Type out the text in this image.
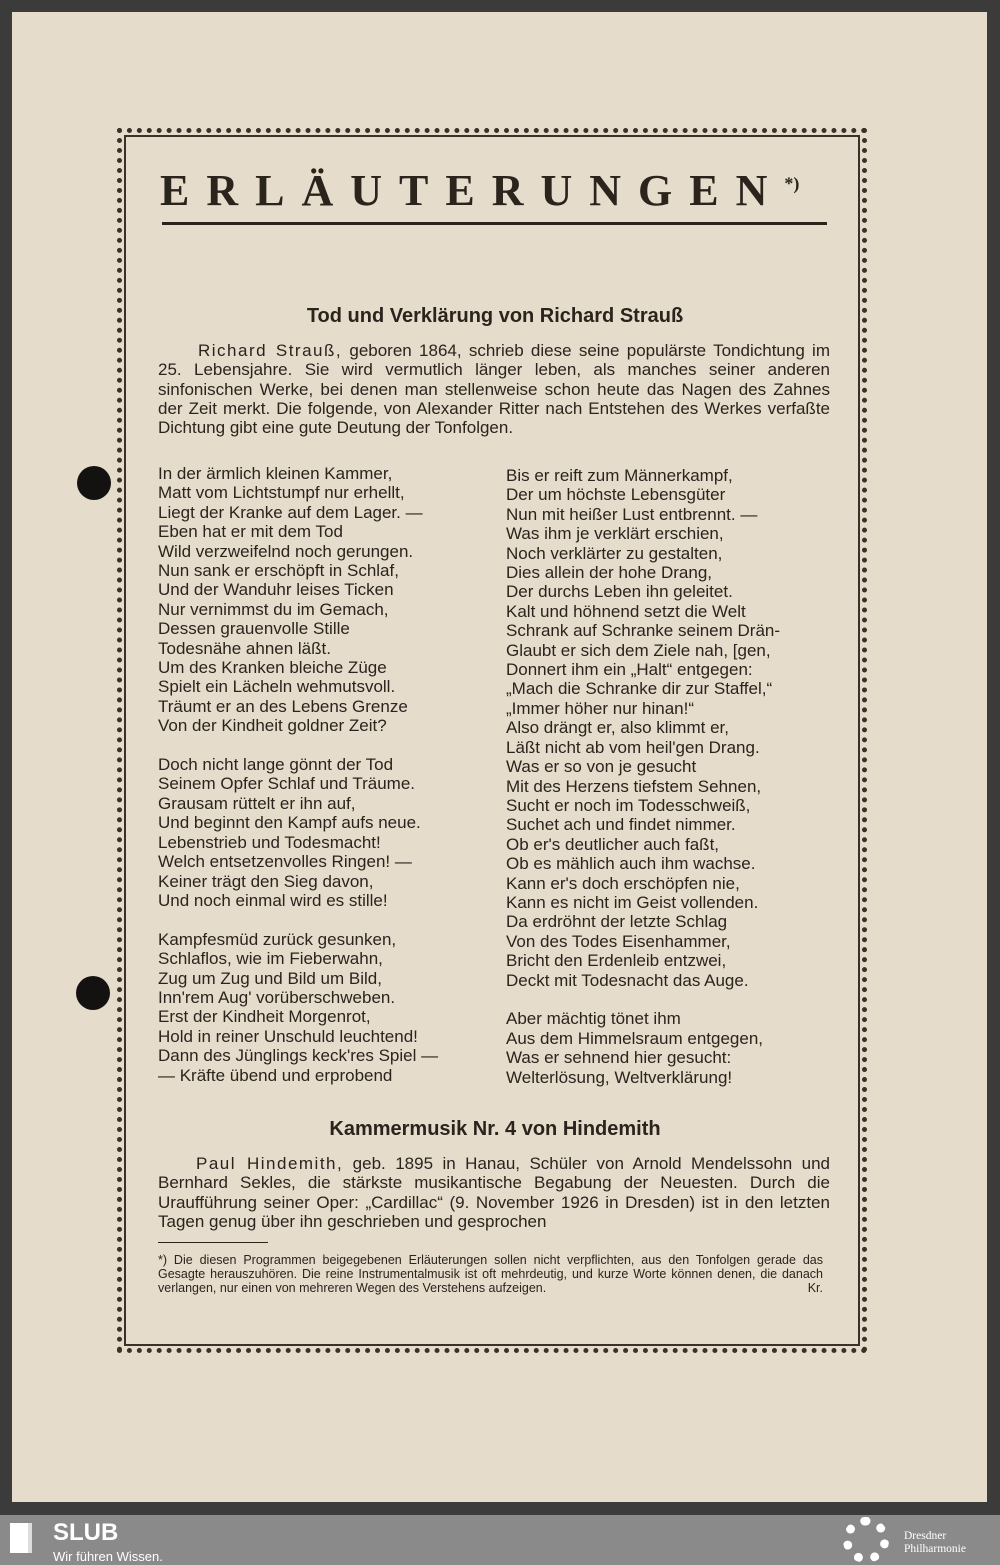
ERLÄUTERUNGEN*)
Tod und Verklärung von Richard Strauß

Richard Strauß, geboren 1864, schrieb diese seine populärste Tondichtung im 25. Lebensjahre. Sie wird vermutlich länger leben, als manches seiner anderen sinfonischen Werke, bei denen man stellenweise schon heute das Nagen des Zahnes der Zeit merkt. Die folgende, von Alexander Ritter nach Entstehen des Werkes verfaßte Dichtung gibt eine gute Deutung der Tonfolgen.

In der ärmlich kleinen Kammer,
Matt vom Lichtstumpf nur erhellt,
Liegt der Kranke auf dem Lager. —
Eben hat er mit dem Tod
Wild verzweifelnd noch gerungen.
Nun sank er erschöpft in Schlaf,
Und der Wanduhr leises Ticken
Nur vernimmst du im Gemach,
Dessen grauenvolle Stille
Todesnähe ahnen läßt.
Um des Kranken bleiche Züge
Spielt ein Lächeln wehmutsvoll.
Träumt er an des Lebens Grenze
Von der Kindheit goldner Zeit?
Doch nicht lange gönnt der Tod
Seinem Opfer Schlaf und Träume.
Grausam rüttelt er ihn auf,
Und beginnt den Kampf aufs neue.
Lebenstrieb und Todesmacht!
Welch entsetzenvolles Ringen! —
Keiner trägt den Sieg davon,
Und noch einmal wird es stille!
Kampfesmüd zurück gesunken,
Schlaflos, wie im Fieberwahn,
Zug um Zug und Bild um Bild,
Inn'rem Aug' vorüberschweben.
Erst der Kindheit Morgenrot,
Hold in reiner Unschuld leuchtend!
Dann des Jünglings keck'res Spiel —
— Kräfte übend und erprobend
Bis er reift zum Männerkampf,
Der um höchste Lebensgüter
Nun mit heißer Lust entbrennt. —
Was ihm je verklärt erschien,
Noch verklärter zu gestalten,
Dies allein der hohe Drang,
Der durchs Leben ihn geleitet.
Kalt und höhnend setzt die Welt
Schrank auf Schranke seinem Drän-
Glaubt er sich dem Ziele nah, [gen,
Donnert ihm ein „Halt“ entgegen:
„Mach die Schranke dir zur Staffel,“
„Immer höher nur hinan!“
Also drängt er, also klimmt er,
Läßt nicht ab vom heil'gen Drang.
Was er so von je gesucht
Mit des Herzens tiefstem Sehnen,
Sucht er noch im Todesschweiß,
Suchet ach und findet nimmer.
Ob er's deutlicher auch faßt,
Ob es mählich auch ihm wachse.
Kann er's doch erschöpfen nie,
Kann es nicht im Geist vollenden.
Da erdröhnt der letzte Schlag
Von des Todes Eisenhammer,
Bricht den Erdenleib entzwei,
Deckt mit Todesnacht das Auge.
Aber mächtig tönet ihm
Aus dem Himmelsraum entgegen,
Was er sehnend hier gesucht:
Welterlösung, Weltverklärung!
Kammermusik Nr. 4 von Hindemith

Paul Hindemith, geb. 1895 in Hanau, Schüler von Arnold Mendelssohn und Bernhard Sekles, die stärkste musikantische Begabung der Neuesten. Durch die Uraufführung seiner Oper: „Cardillac“ (9. November 1926 in Dresden) ist in den letzten Tagen genug über ihn geschrieben und gesprochen

*) Die diesen Programmen beigegebenen Erläuterungen sollen nicht verpflichten, aus den Tonfolgen gerade das Gesagte herauszuhören. Die reine Instrumentalmusik ist oft mehrdeutig, und kurze Worte können denen, die danach verlangen, nur einen von mehreren Wegen des Verstehens aufzeigen.	Kr.
SLUB
Wir führen Wissen.
Dresdner
Philharmonie
